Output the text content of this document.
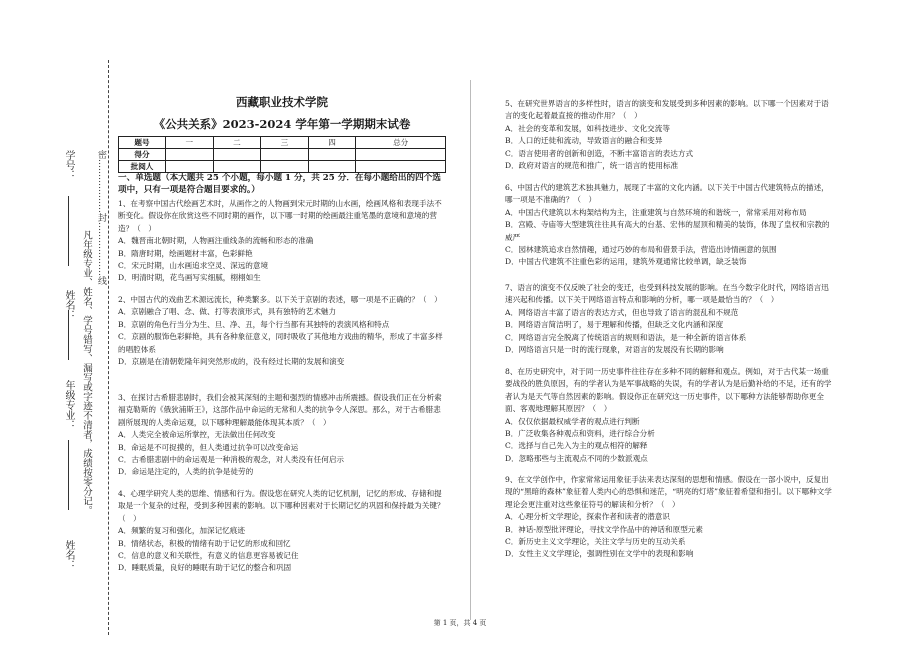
学号：
姓名：
年级专业：
姓名：
凡年级专业、姓名、学号错写、漏写或字迹不清者，成绩按零分记。
密………………封………………线
西藏职业技术学院
《公共关系》2023-2024 学年第一学期期末试卷
题号	一	二	三	四	总分
得分					
批阅人					
一、单选题（本大题共 25 个小题，每小题 1 分，共 25 分．在每小题给出的四个选项中，只有一项是符合题目要求的。）

1、在考察中国古代绘画艺术时，从画作之的人物画到宋元时期的山水画，绘画风格和表现手法不断变化。假设你在欣赏这些不同时期的画作，以下哪一时期的绘画最注重笔墨的意境和意境的营造？（　）

A．魏晋南北朝时期，人物画注重线条的流畅和形态的准确

B．隋唐时期，绘画题材丰富，色彩鲜艳

C．宋元时期，山水画追求空灵、深远的意境

D．明清时期，花鸟画写实细腻，栩栩如生

2、中国古代的戏曲艺术源远流长，种类繁多。以下关于京剧的表述，哪一项是不正确的？（　）

A．京剧融合了唱、念、做、打等表演形式，具有独特的艺术魅力

B．京剧的角色行当分为生、旦、净、丑，每个行当都有其独特的表演风格和特点

C．京剧的服饰色彩鲜艳，具有各种象征意义，同时吸收了其他地方戏曲的精华，形成了丰富多样的唱腔体系

D．京剧是在清朝乾隆年间突然形成的，没有经过长期的发展和演变

3、在探讨古希腊悲剧时，我们会被其深刻的主题和强烈的情感冲击所震撼。假设我们正在分析索福克勒斯的《俄狄浦斯王》，这部作品中命运的无常和人类的抗争令人深思。那么，对于古希腊悲剧所展现的人类命运观，以下哪种理解最能体现其本质？（　）

A．人类完全被命运所掌控，无法做出任何改变

B．命运是不可捉摸的，但人类通过抗争可以改变命运

C．古希腊悲剧中的命运观是一种消极的观念，对人类没有任何启示

D．命运是注定的，人类的抗争是徒劳的

4、心理学研究人类的思维、情感和行为。假设您在研究人类的记忆机制，记忆的形成、存储和提取是一个复杂的过程，受到多种因素的影响。以下哪种因素对于长期记忆的巩固和保持最为关键？（　）

A．频繁的复习和强化，加深记忆痕迹

B．情绪状态，积极的情绪有助于记忆的形成和回忆

C．信息的意义和关联性，有意义的信息更容易被记住

D．睡眠质量，良好的睡眠有助于记忆的整合和巩固

5、在研究世界语言的多样性时，语言的演变和发展受到多种因素的影响。以下哪一个因素对于语言的变化起着最直接的推动作用？（　）

A．社会的变革和发展，如科技进步、文化交流等

B．人口的迁徙和流动，导致语言的融合和变异

C．语言使用者的创新和创造，不断丰富语言的表达方式

D．政府对语言的规范和推广，统一语言的使用标准

6、中国古代的建筑艺术独具魅力，展现了丰富的文化内涵。以下关于中国古代建筑特点的描述，哪一项是不准确的？（　）

A．中国古代建筑以木构架结构为主，注重建筑与自然环境的和谐统一，常常采用对称布局

B．宫殿、寺庙等大型建筑往往具有高大的台基、宏伟的屋顶和精美的装饰，体现了皇权和宗教的威严

C．园林建筑追求自然情趣，通过巧妙的布局和借景手法，营造出诗情画意的氛围

D．中国古代建筑不注重色彩的运用，建筑外观通常比较单调，缺乏装饰

7、语言的演变不仅反映了社会的变迁，也受到科技发展的影响。在当今数字化时代，网络语言迅速兴起和传播。以下关于网络语言特点和影响的分析，哪一项是最恰当的？（　）

A．网络语言丰富了语言的表达方式，但也导致了语言的混乱和不规范

B．网络语言简洁明了，易于理解和传播，但缺乏文化内涵和深度

C．网络语言完全脱离了传统语言的规则和语法，是一种全新的语言体系

D．网络语言只是一时的流行现象，对语言的发展没有长期的影响

8、在历史研究中，对于同一历史事件往往存在多种不同的解释和观点。例如，对于古代某一场重要战役的胜负原因，有的学者认为是军事战略的失误，有的学者认为是后勤补给的不足，还有的学者认为是天气等自然因素的影响。假设你正在研究这一历史事件，以下哪种方法能够帮助你更全面、客观地理解其原因？（　）

A．仅仅依据最权威学者的观点进行判断

B．广泛收集各种观点和资料，进行综合分析

C．选择与自己先入为主的观点相符的解释

D．忽略那些与主流观点不同的少数派观点

9、在文学创作中，作家常常运用象征手法来表达深刻的思想和情感。假设在一部小说中，反复出现的“黑暗的森林”象征着人类内心的恐惧和迷茫，“明亮的灯塔”象征着希望和指引。以下哪种文学理论会更注重对这些象征符号的解读和分析？（　）

A．心理分析文学理论，探索作者和读者的潜意识

B．神话-原型批评理论，寻找文学作品中的神话和原型元素

C．新历史主义文学理论，关注文学与历史的互动关系

D．女性主义文学理论，强调性别在文学中的表现和影响

第 1 页，共 4 页
